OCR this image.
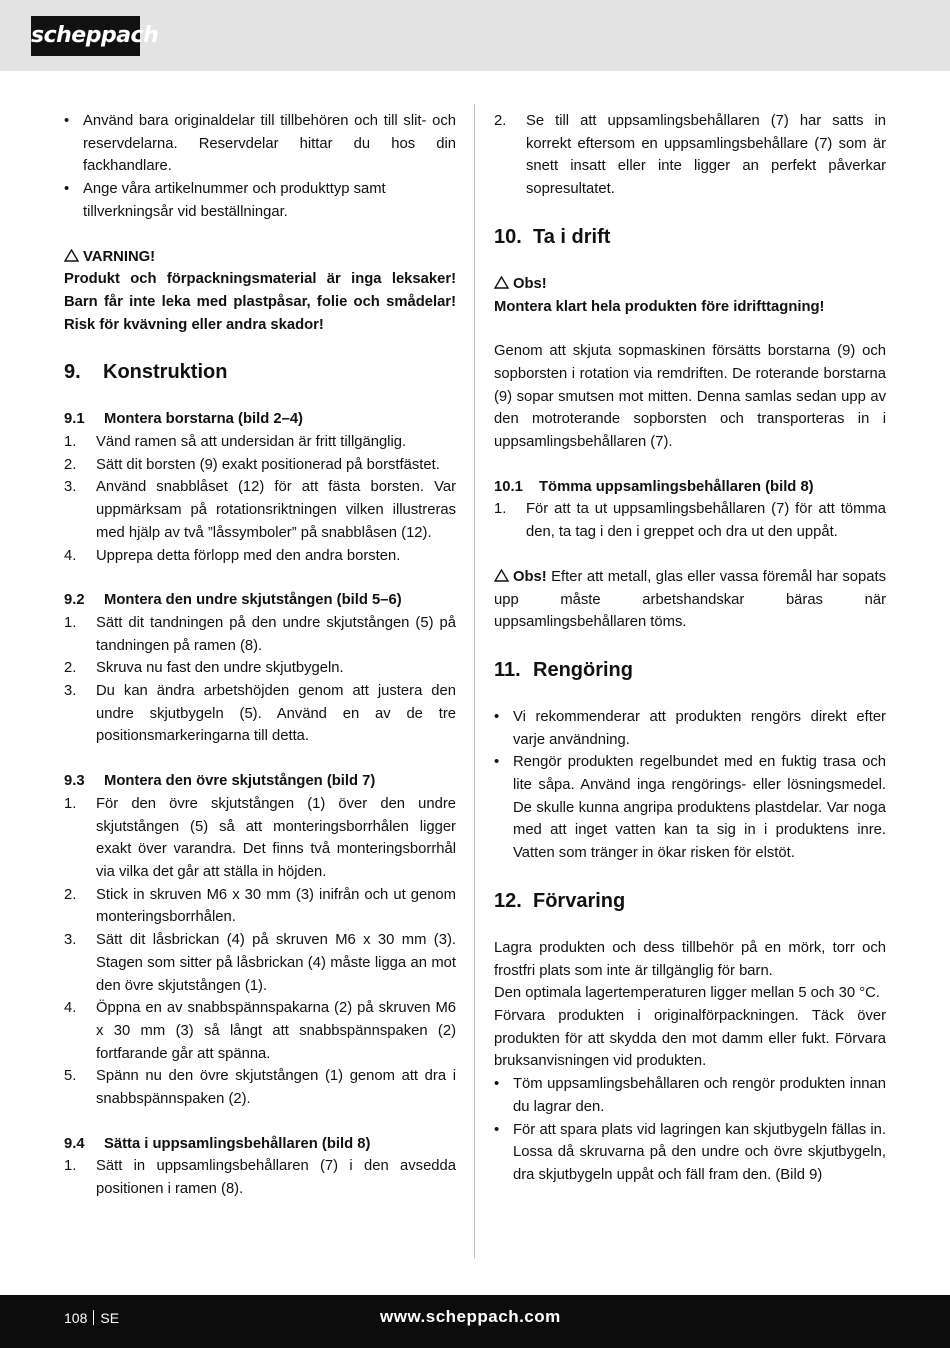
scheppach

• Använd bara originaldelar till tillbehören och till slit- och reservdelarna. Reservdelar hittar du hos din fackhandlare.

• Ange våra artikelnummer och produkttyp samt tillverkningsår vid beställningar.

VARNING!

Produkt och förpackningsmaterial är inga leksaker! Barn får inte leka med plastpåsar, folie och smådelar! Risk för kvävning eller andra skador!

9.	Konstruktion
9.1	Montera borstarna (bild 2–4)

1. Vänd ramen så att undersidan är fritt tillgänglig.

2. Sätt dit borsten (9) exakt positionerad på borstfästet.

3. Använd snabblåset (12) för att fästa borsten. Var uppmärksam på rotationsriktningen vilken illustreras med hjälp av två ”låssymboler” på snabblåsen (12).

4. Upprepa detta förlopp med den andra borsten.

9.2	Montera den undre skjutstången (bild 5–6)

1. Sätt dit tandningen på den undre skjutstången (5) på tandningen på ramen (8).

2. Skruva nu fast den undre skjutbygeln.

3. Du kan ändra arbetshöjden genom att justera den undre skjutbygeln (5). Använd en av de tre positionsmarkeringarna till detta.

9.3	Montera den övre skjutstången (bild 7)

1. För den övre skjutstången (1) över den undre skjutstången (5) så att monteringsborrhålen ligger exakt över varandra. Det finns två monteringsborrhål via vilka det går att ställa in höjden.

2. Stick in skruven M6 x 30 mm (3) inifrån och ut genom monteringsborrhålen.

3. Sätt dit låsbrickan (4) på skruven M6 x 30 mm (3). Stagen som sitter på låsbrickan (4) måste ligga an mot den övre skjutstången (1).

4. Öppna en av snabbspännspakarna (2) på skruven M6 x 30 mm (3) så långt att snabbspännspaken (2) fortfarande går att spänna.

5. Spänn nu den övre skjutstången (1) genom att dra i snabbspännspaken (2).

9.4	Sätta i uppsamlingsbehållaren (bild 8)

1. Sätt in uppsamlingsbehållaren (7) i den avsedda positionen i ramen (8).

2. Se till att uppsamlingsbehållaren (7) har satts in korrekt eftersom en uppsamlingsbehållare (7) som är snett insatt eller inte ligger an perfekt påverkar sopresultatet.

10. Ta i drift

Obs!

Montera klart hela produkten före idrifttagning!

Genom att skjuta sopmaskinen försätts borstarna (9) och sopborsten i rotation via remdriften. De roterande borstarna (9) sopar smutsen mot mitten. Denna samlas sedan upp av den motroterande sopborsten och transporteras in i uppsamlingsbehållaren (7).

10.1	Tömma uppsamlingsbehållaren (bild 8)

1. För att ta ut uppsamlingsbehållaren (7) för att tömma den, ta tag i den i greppet och dra ut den uppåt.

Obs! Efter att metall, glas eller vassa föremål har sopats upp måste arbetshandskar bäras när uppsamlingsbehållaren töms.

11. Rengöring

• Vi rekommenderar att produkten rengörs direkt efter varje användning.

• Rengör produkten regelbundet med en fuktig trasa och lite såpa. Använd inga rengörings- eller lösningsmedel. De skulle kunna angripa produktens plastdelar. Var noga med att inget vatten kan ta sig in i produktens inre. Vatten som tränger in ökar risken för elstöt.

12. Förvaring

Lagra produkten och dess tillbehör på en mörk, torr och frostfri plats som inte är tillgänglig för barn.

Den optimala lagertemperaturen ligger mellan 5 och 30 °C.

Förvara produkten i originalförpackningen. Täck över produkten för att skydda den mot damm eller fukt. Förvara bruksanvisningen vid produkten.

• Töm uppsamlingsbehållaren och rengör produkten innan du lagrar den.

• För att spara plats vid lagringen kan skjutbygeln fällas in. Lossa då skruvarna på den undre och övre skjutbygeln, dra skjutbygeln uppåt och fäll fram den. (Bild 9)

108 SE	www.scheppach.com
